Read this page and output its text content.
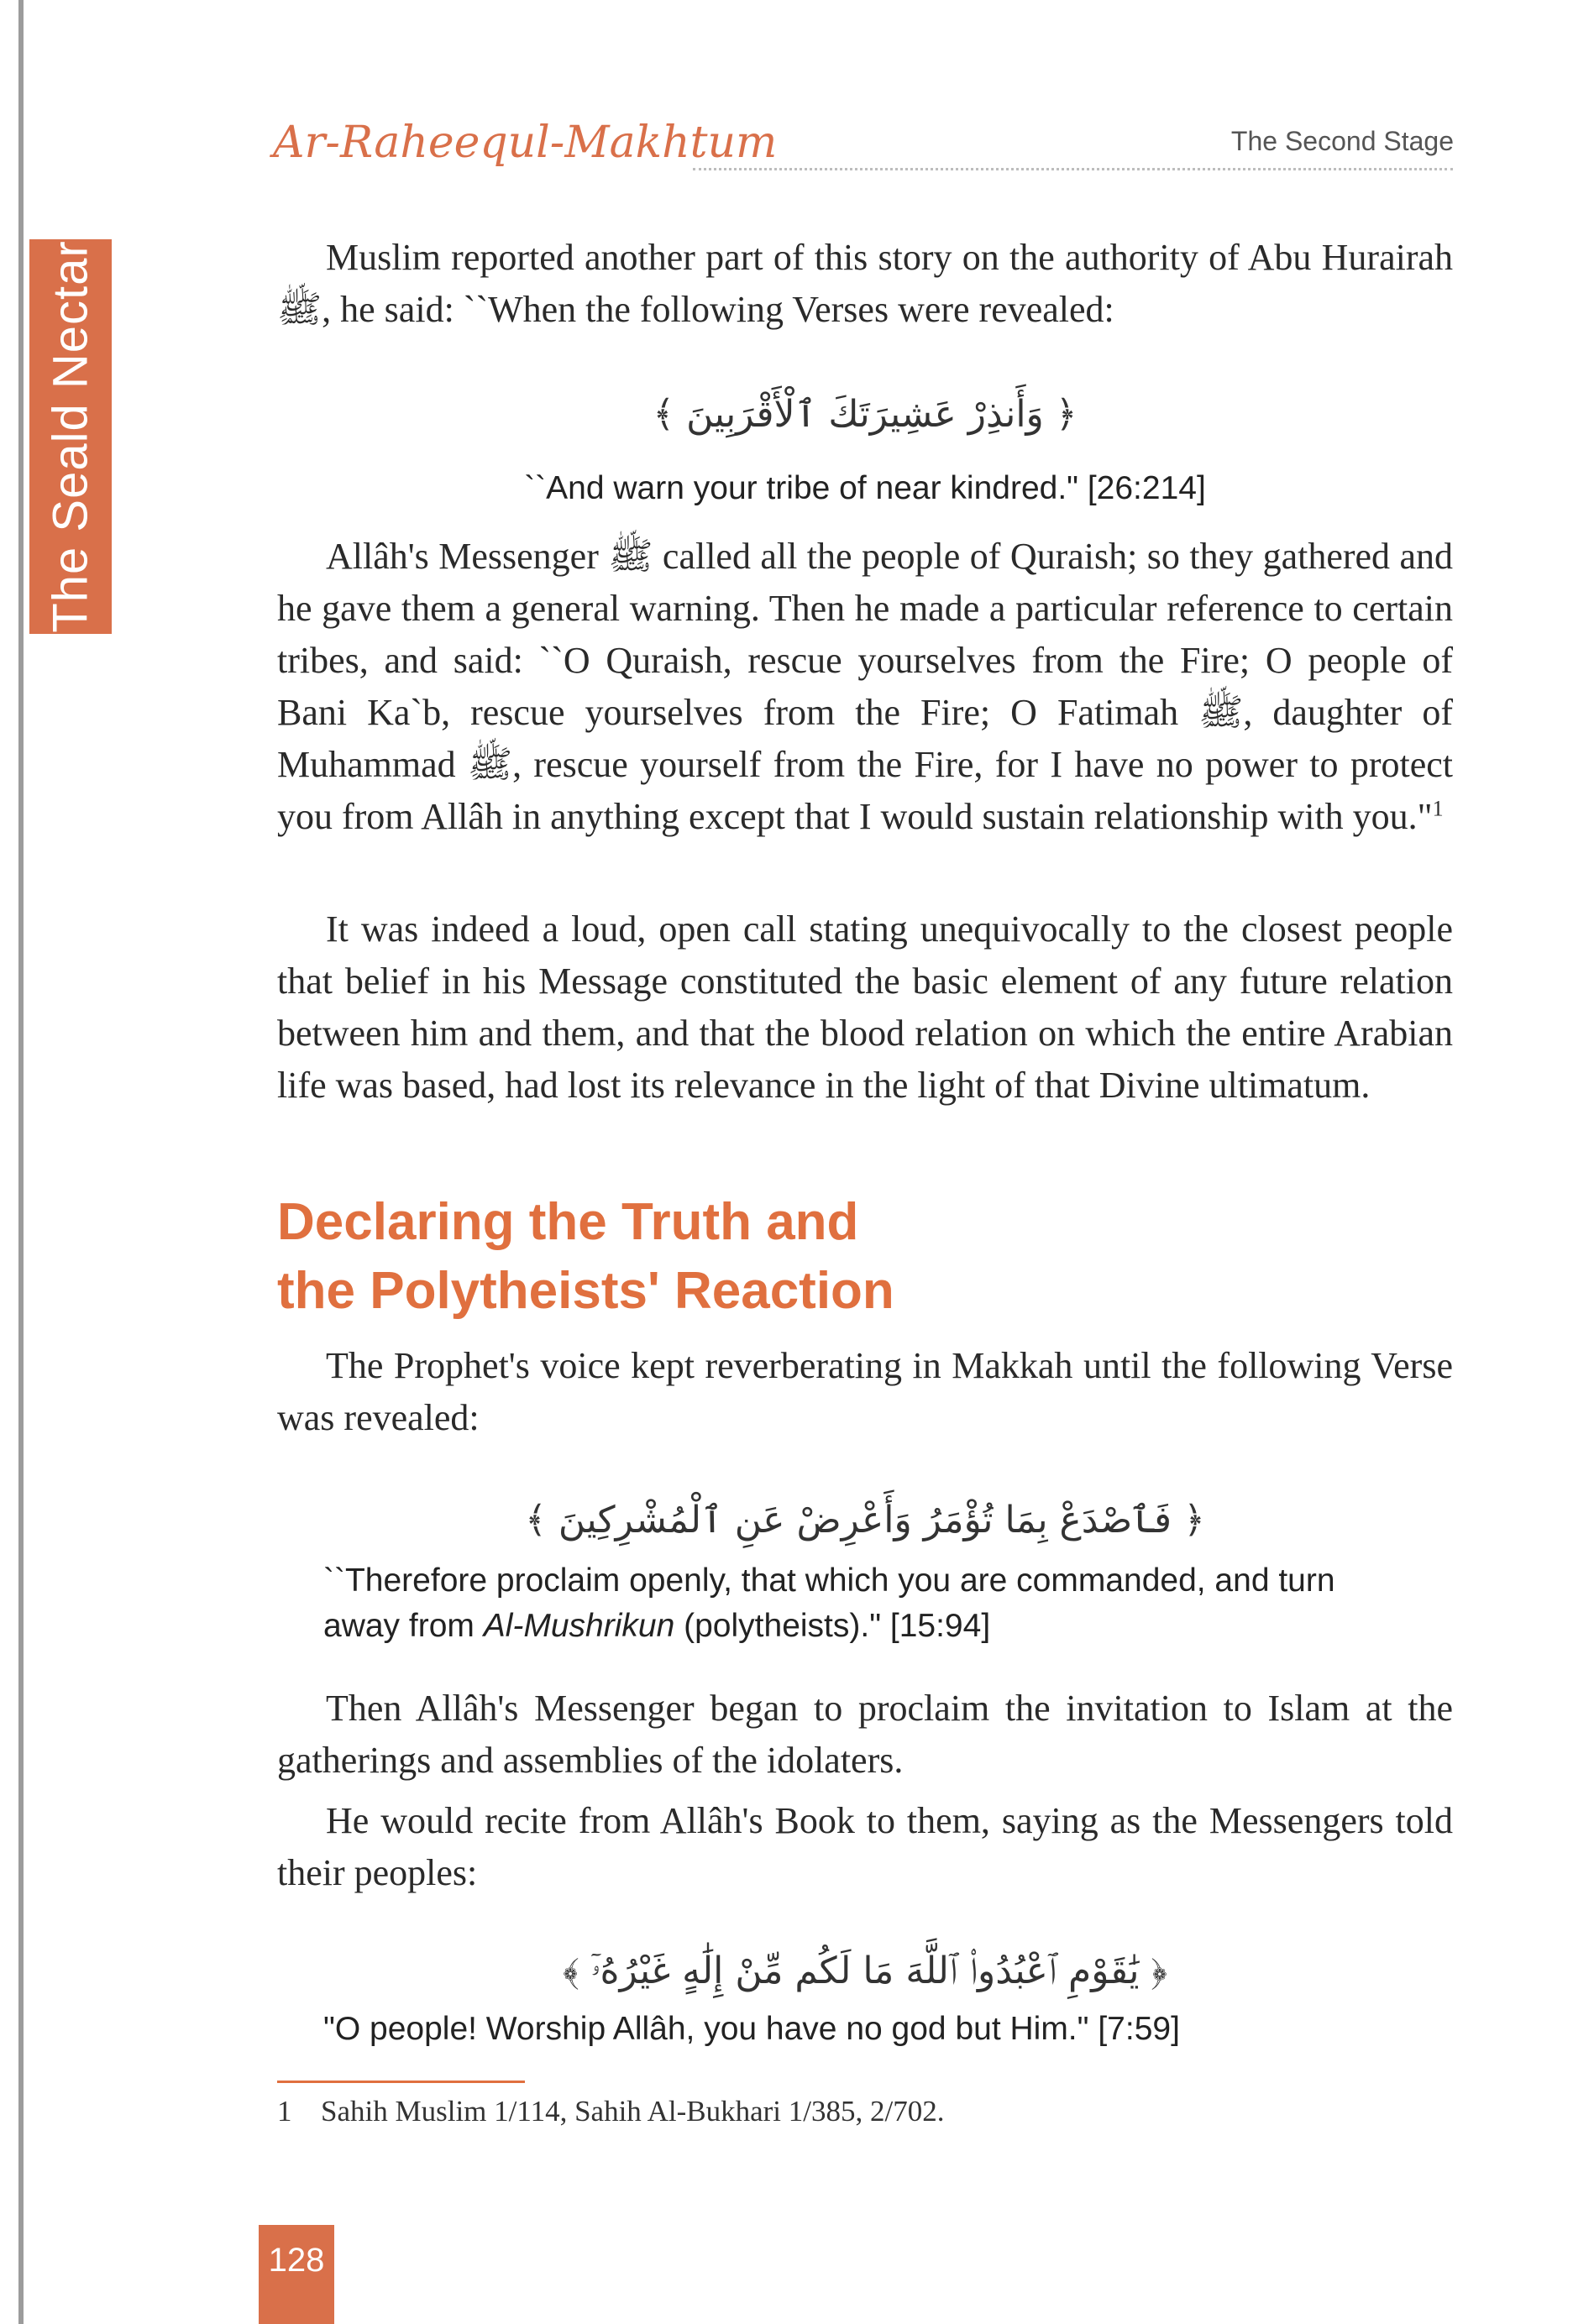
The Seald Nectar
Ar-Raheequl-Makhtum	The Second Stage

Muslim reported another part of this story on the authority of Abu Hurairah ﷺ, he said: ``When the following Verses were revealed:

﴿ وَأَنذِرْ عَشِيرَتَكَ ٱلْأَقْرَبِينَ ﴾
``And warn your tribe of near kindred." [26:214]

Allâh's Messenger ﷺ called all the people of Quraish; so they gathered and he gave them a general warning. Then he made a particular reference to certain tribes, and said: ``O Quraish, rescue yourselves from the Fire; O people of Bani Ka`b, rescue yourselves from the Fire; O Fatimah ﷺ, daughter of Muhammad ﷺ, rescue yourself from the Fire, for I have no power to protect you from Allâh in anything except that I would sustain relationship with you."$^1$

It was indeed a loud, open call stating unequivocally to the closest people that belief in his Message constituted the basic element of any future relation between him and them, and that the blood relation on which the entire Arabian life was based, had lost its relevance in the light of that Divine ultimatum.

Declaring the Truth and
the Polytheists' Reaction

The Prophet's voice kept reverberating in Makkah until the following Verse was revealed:

﴿ فَٱصْدَعْ بِمَا تُؤْمَرُ وَأَعْرِضْ عَنِ ٱلْمُشْرِكِينَ ﴾

``Therefore proclaim openly, that which you are commanded, and turn away from Al-Mushrikun (polytheists)." [15:94]

Then Allâh's Messenger began to proclaim the invitation to Islam at the gatherings and assemblies of the idolaters.

He would recite from Allâh's Book to them, saying as the Messengers told their peoples:

﴿ يَٰقَوْمِ ٱعْبُدُوا۟ ٱللَّهَ مَا لَكُم مِّنْ إِلَٰهٍ غَيْرُهُۥٓ ﴾
"O people! Worship Allâh, you have no god but Him." [7:59]
1 Sahih Muslim 1/114, Sahih Al-Bukhari 1/385, 2/702.
128
